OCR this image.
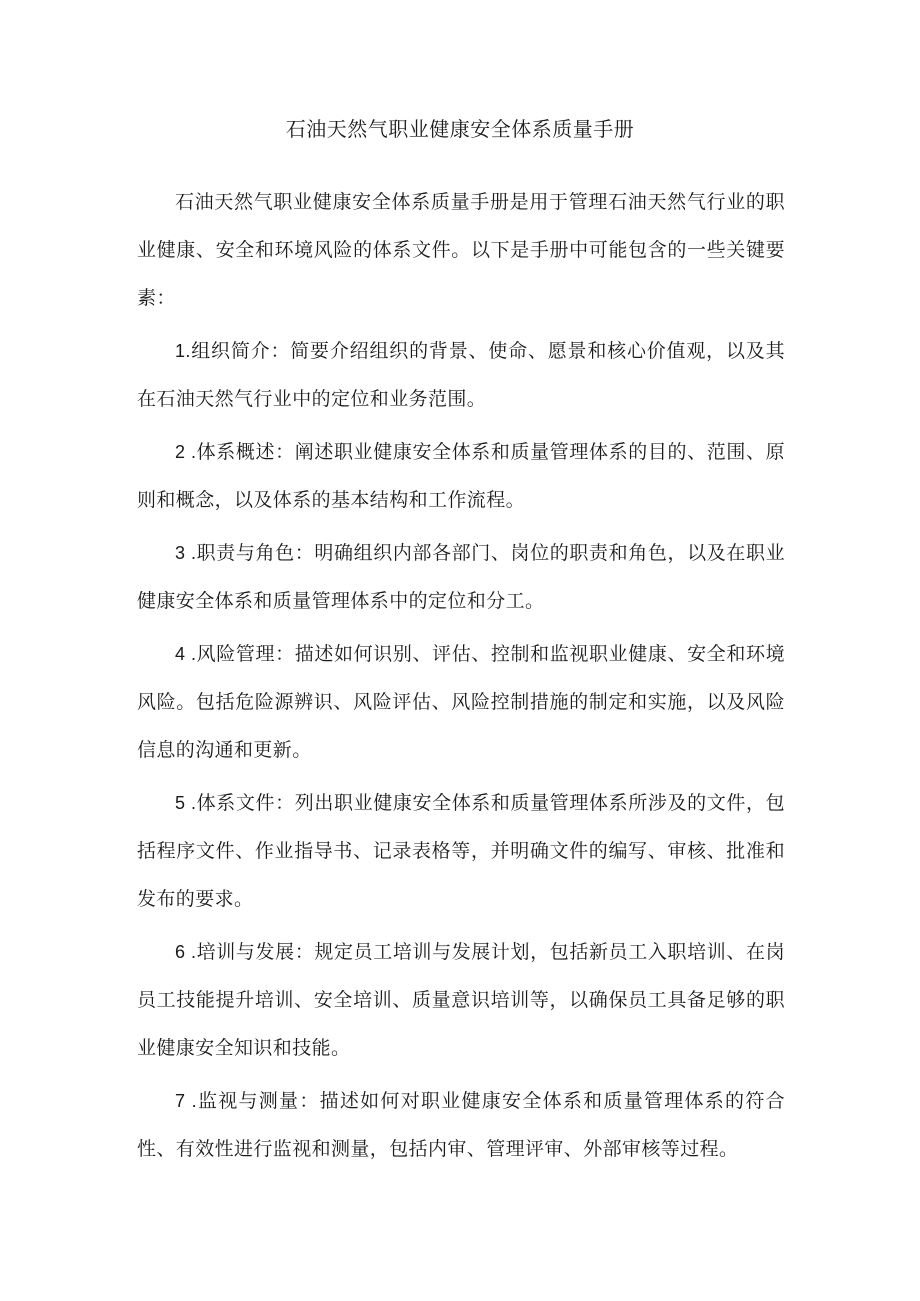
石油天然气职业健康安全体系质量手册

石油天然气职业健康安全体系质量手册是用于管理石油天然气行业的职业健康、安全和环境风险的体系文件。以下是手册中可能包含的一些关键要素：

1.组织简介：简要介绍组织的背景、使命、愿景和核心价值观，以及其在石油天然气行业中的定位和业务范围。

2 .体系概述：阐述职业健康安全体系和质量管理体系的目的、范围、原则和概念，以及体系的基本结构和工作流程。

3 .职责与角色：明确组织内部各部门、岗位的职责和角色，以及在职业健康安全体系和质量管理体系中的定位和分工。

4 .风险管理：描述如何识别、评估、控制和监视职业健康、安全和环境风险。包括危险源辨识、风险评估、风险控制措施的制定和实施，以及风险信息的沟通和更新。

5 .体系文件：列出职业健康安全体系和质量管理体系所涉及的文件，包括程序文件、作业指导书、记录表格等，并明确文件的编写、审核、批准和发布的要求。

6 .培训与发展：规定员工培训与发展计划，包括新员工入职培训、在岗员工技能提升培训、安全培训、质量意识培训等，以确保员工具备足够的职业健康安全知识和技能。

7 .监视与测量：描述如何对职业健康安全体系和质量管理体系的符合性、有效性进行监视和测量，包括内审、管理评审、外部审核等过程。
